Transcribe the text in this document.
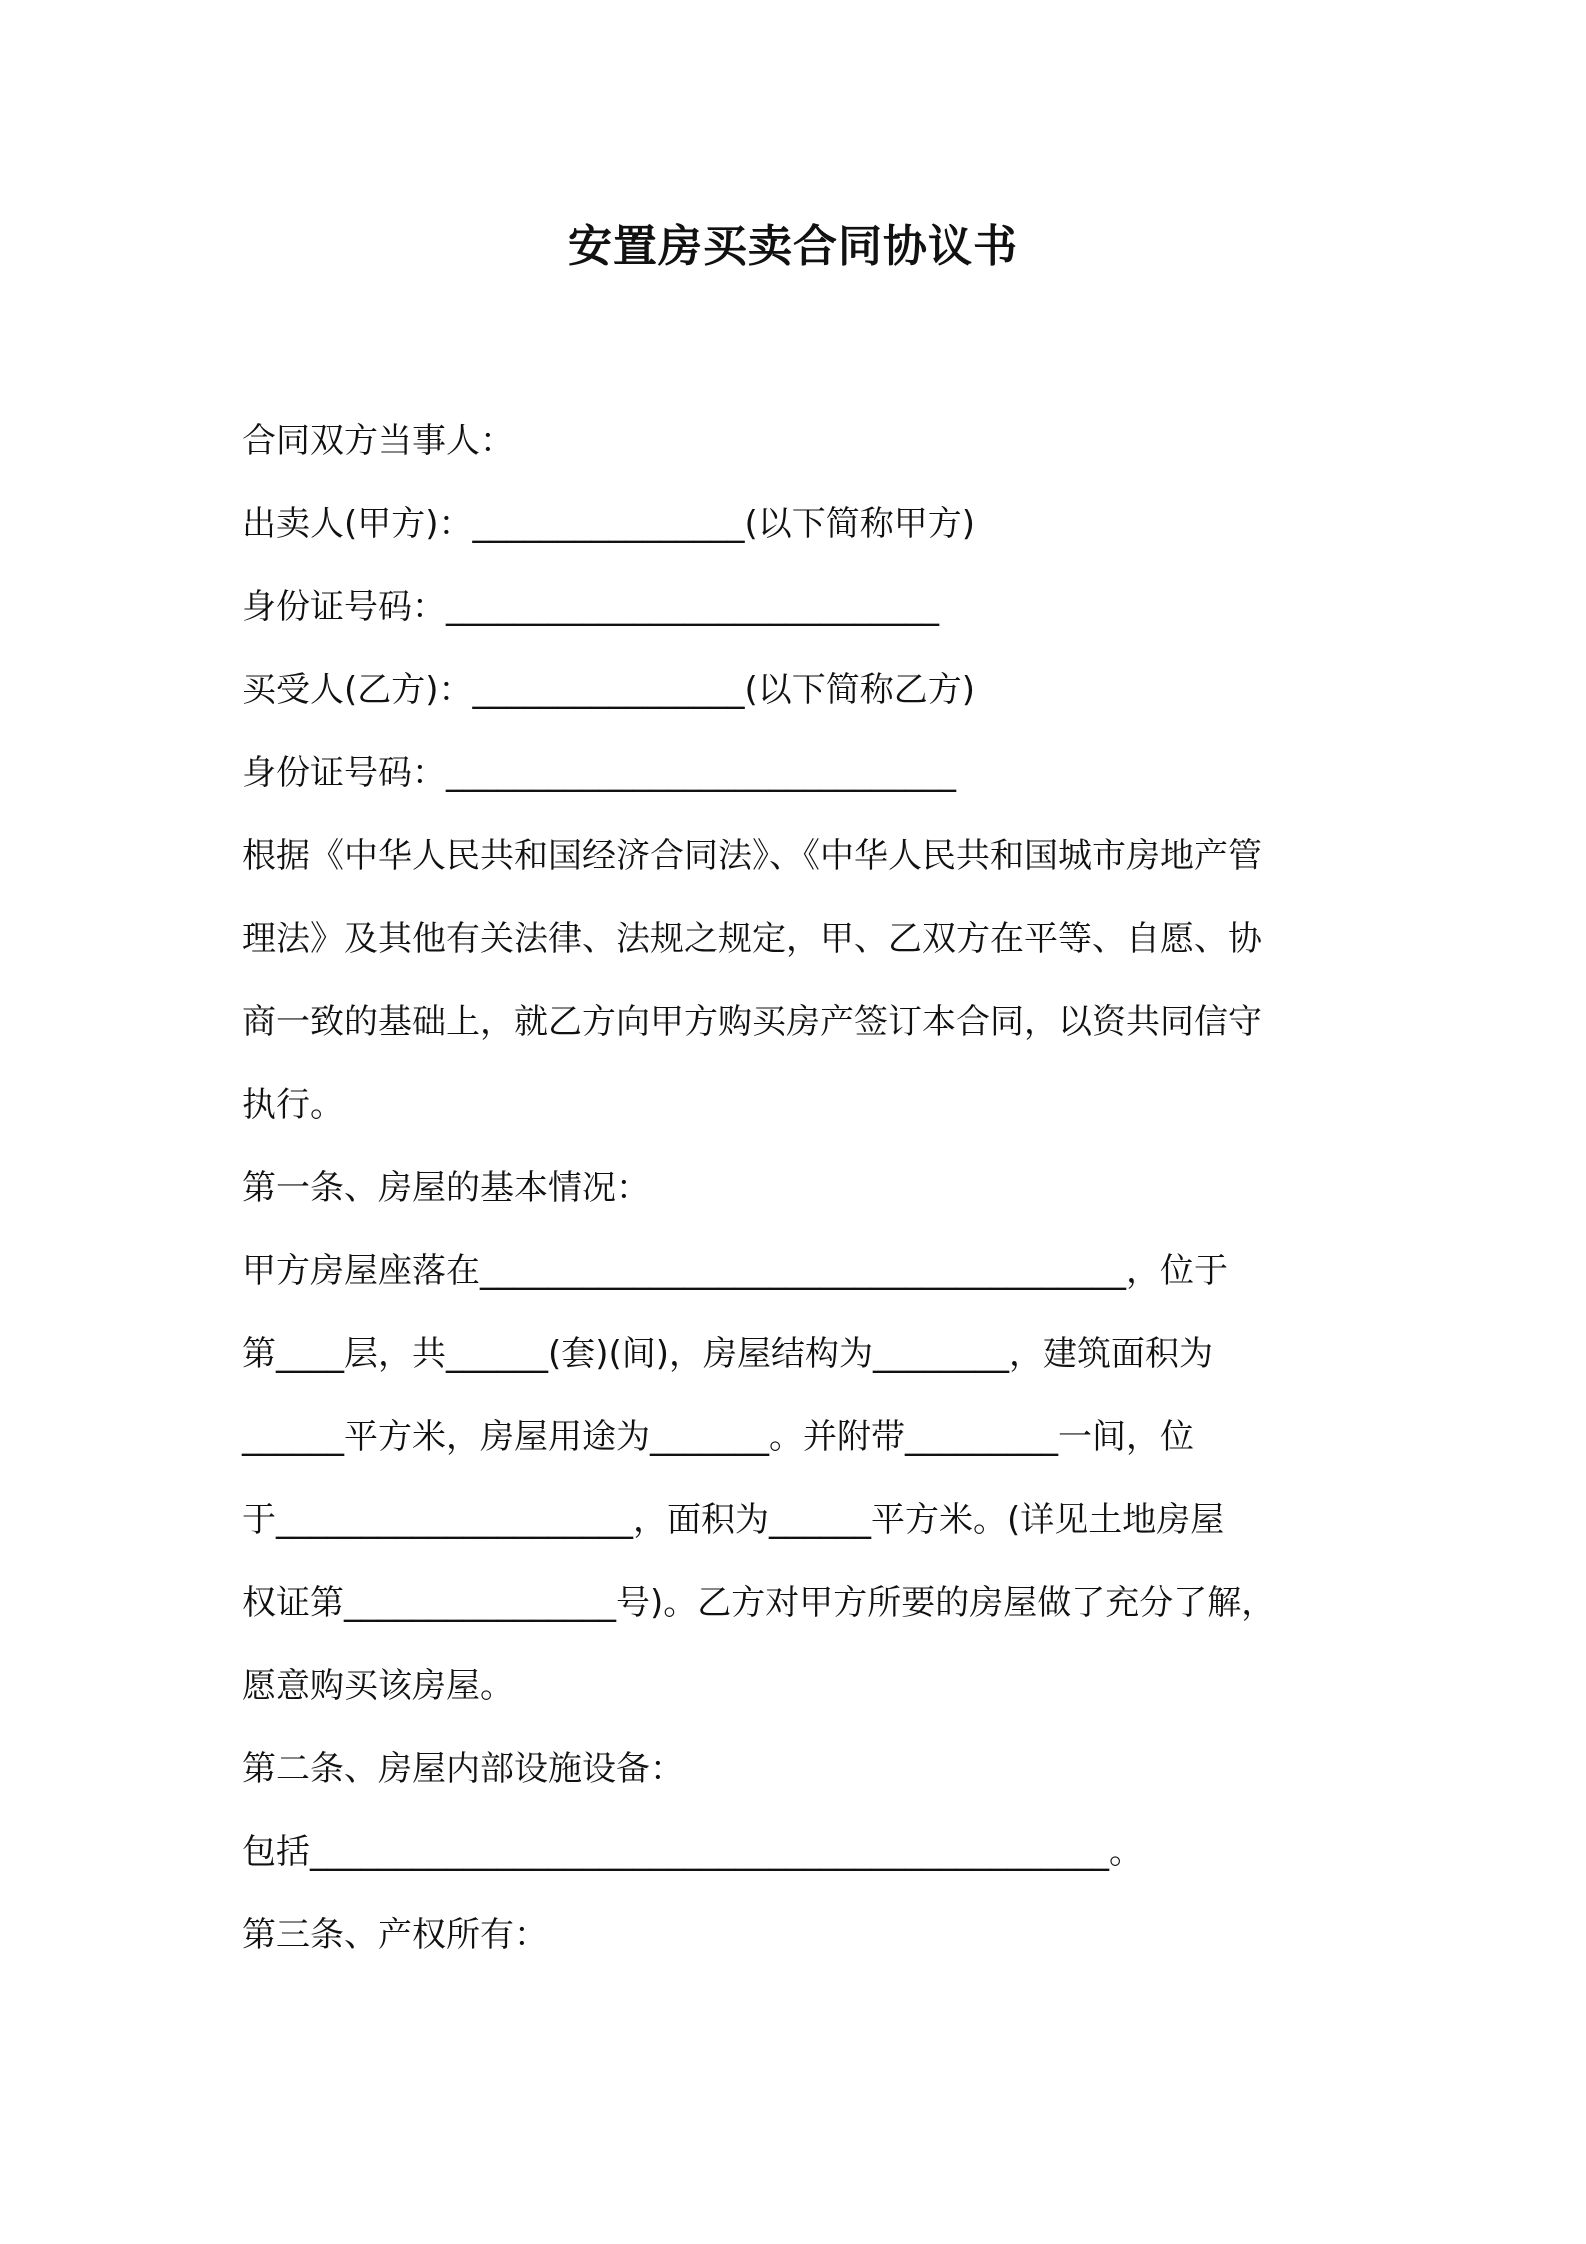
安置房买卖合同协议书

合同双方当事人：

出卖人(甲方)：________________(以下简称甲方)

身份证号码：_____________________________

买受人(乙方)：________________(以下简称乙方)

身份证号码：______________________________

根据《中华人民共和国经济合同法》、《中华人民共和国城市房地产管

理法》及其他有关法律、法规之规定，甲、乙双方在平等、自愿、协

商一致的基础上，就乙方向甲方购买房产签订本合同，以资共同信守

执行。

第一条、房屋的基本情况：

甲方房屋座落在______________________________________，位于

第____层，共______(套)(间)，房屋结构为________，建筑面积为

______平方米，房屋用途为_______。并附带_________一间，位

于_____________________，面积为______平方米。(详见土地房屋

权证第________________号)。乙方对甲方所要的房屋做了充分了解，

愿意购买该房屋。

第二条、房屋内部设施设备：

包括_______________________________________________。

第三条、产权所有：
